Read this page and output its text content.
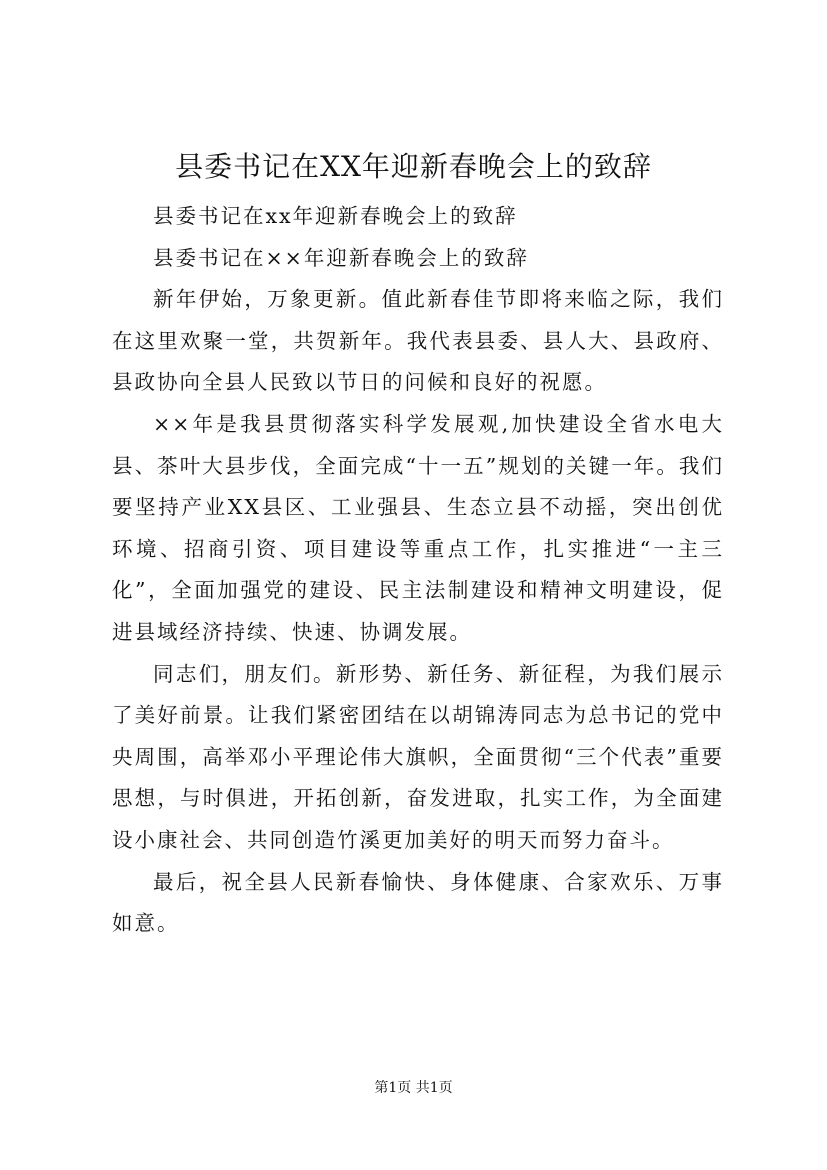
县委书记在XX年迎新春晚会上的致辞

县委书记在xx年迎新春晚会上的致辞

县委书记在××年迎新春晚会上的致辞

新年伊始，万象更新。值此新春佳节即将来临之际，我们在这里欢聚一堂，共贺新年。我代表县委、县人大、县政府、县政协向全县人民致以节日的问候和良好的祝愿。

××年是我县贯彻落实科学发展观,加快建设全省水电大县、茶叶大县步伐，全面完成“十一五”规划的关键一年。我们要坚持产业XX县区、工业强县、生态立县不动摇，突出创优环境、招商引资、项目建设等重点工作，扎实推进“一主三化”，全面加强党的建设、民主法制建设和精神文明建设，促进县域经济持续、快速、协调发展。

同志们，朋友们。新形势、新任务、新征程，为我们展示了美好前景。让我们紧密团结在以胡锦涛同志为总书记的党中央周围，高举邓小平理论伟大旗帜，全面贯彻“三个代表”重要思想，与时俱进，开拓创新，奋发进取，扎实工作，为全面建设小康社会、共同创造竹溪更加美好的明天而努力奋斗。

最后，祝全县人民新春愉快、身体健康、合家欢乐、万事如意。

第1页 共1页
